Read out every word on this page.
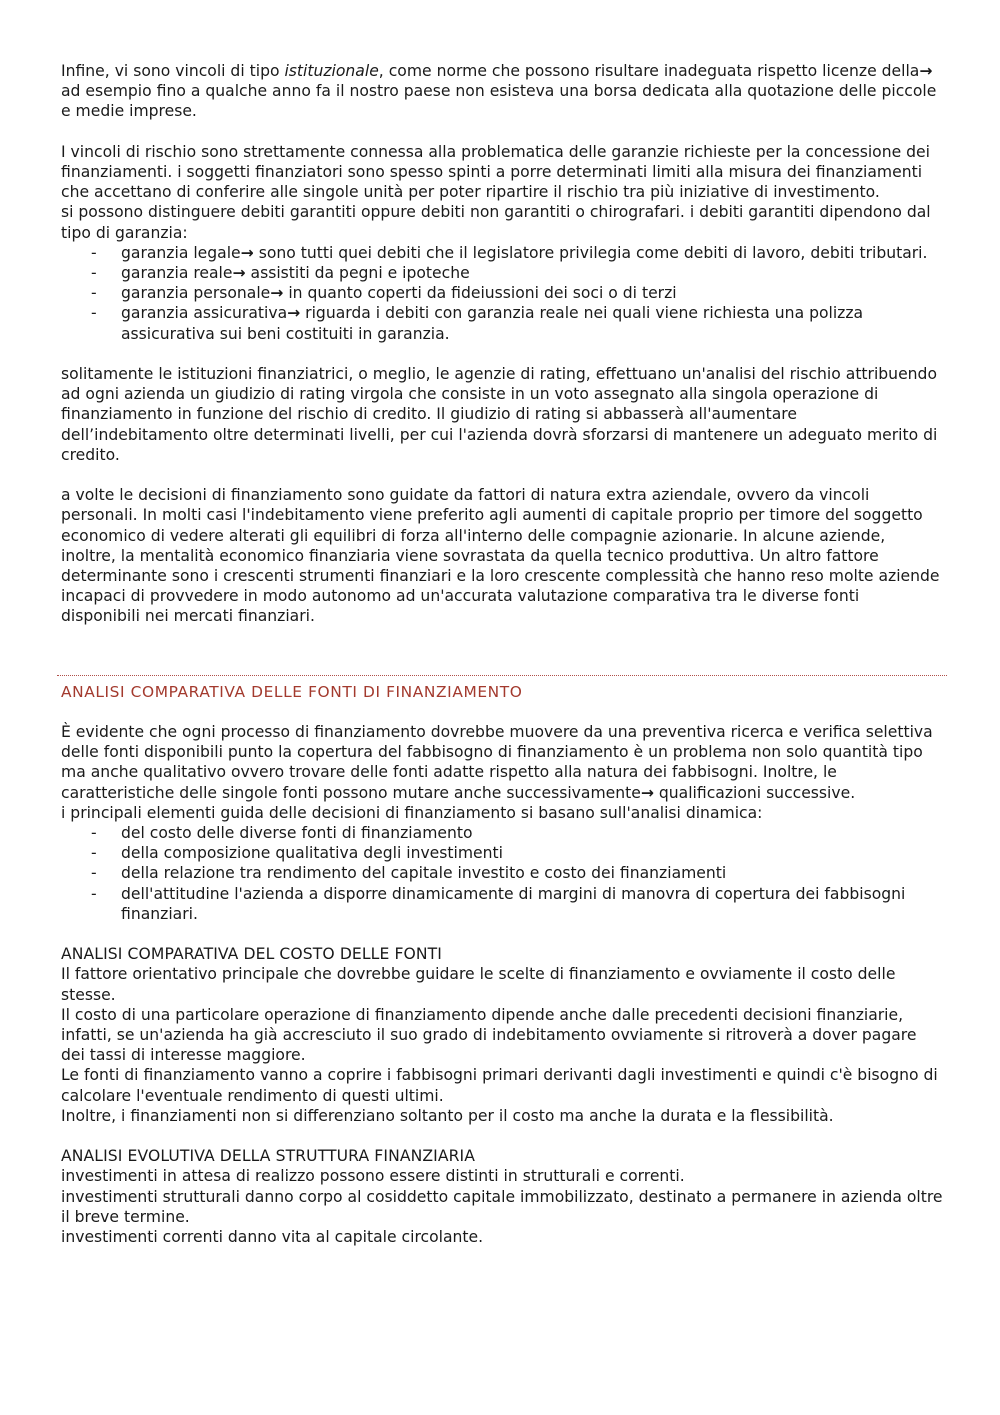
Infine, vi sono vincoli di tipo istituzionale, come norme che possono risultare inadeguata rispetto licenze della→ ad esempio fino a qualche anno fa il nostro paese non esisteva una borsa dedicata alla quotazione delle piccole e medie imprese.

I vincoli di rischio sono strettamente connessa alla problematica delle garanzie richieste per la concessione dei finanziamenti. i soggetti finanziatori sono spesso spinti a porre determinati limiti alla misura dei finanziamenti che accettano di conferire alle singole unità per poter ripartire il rischio tra più iniziative di investimento.

si possono distinguere debiti garantiti oppure debiti non garantiti o chirografari. i debiti garantiti dipendono dal tipo di garanzia:

- garanzia legale→ sono tutti quei debiti che il legislatore privilegia come debiti di lavoro, debiti tributari.
- garanzia reale→ assistiti da pegni e ipoteche
- garanzia personale→ in quanto coperti da fideiussioni dei soci o di terzi
- garanzia assicurativa→ riguarda i debiti con garanzia reale nei quali viene richiesta una polizza assicurativa sui beni costituiti in garanzia.

solitamente le istituzioni finanziatrici, o meglio, le agenzie di rating, effettuano un'analisi del rischio attribuendo ad ogni azienda un giudizio di rating virgola che consiste in un voto assegnato alla singola operazione di finanziamento in funzione del rischio di credito. Il giudizio di rating si abbasserà all'aumentare dell’indebitamento oltre determinati livelli, per cui l'azienda dovrà sforzarsi di mantenere un adeguato merito di credito.

a volte le decisioni di finanziamento sono guidate da fattori di natura extra aziendale, ovvero da vincoli personali. In molti casi l'indebitamento viene preferito agli aumenti di capitale proprio per timore del soggetto economico di vedere alterati gli equilibri di forza all'interno delle compagnie azionarie. In alcune aziende, inoltre, la mentalità economico finanziaria viene sovrastata da quella tecnico produttiva. Un altro fattore determinante sono i crescenti strumenti finanziari e la loro crescente complessità che hanno reso molte aziende incapaci di provvedere in modo autonomo ad un'accurata valutazione comparativa tra le diverse fonti disponibili nei mercati finanziari.

ANALISI COMPARATIVA DELLE FONTI DI FINANZIAMENTO

È evidente che ogni processo di finanziamento dovrebbe muovere da una preventiva ricerca e verifica selettiva delle fonti disponibili punto la copertura del fabbisogno di finanziamento è un problema non solo quantità tipo ma anche qualitativo ovvero trovare delle fonti adatte rispetto alla natura dei fabbisogni. Inoltre, le caratteristiche delle singole fonti possono mutare anche successivamente→ qualificazioni successive.

i principali elementi guida delle decisioni di finanziamento si basano sull'analisi dinamica:

- del costo delle diverse fonti di finanziamento
- della composizione qualitativa degli investimenti
- della relazione tra rendimento del capitale investito e costo dei finanziamenti
- dell'attitudine l'azienda a disporre dinamicamente di margini di manovra di copertura dei fabbisogni finanziari.

ANALISI COMPARATIVA DEL COSTO DELLE FONTI

Il fattore orientativo principale che dovrebbe guidare le scelte di finanziamento e ovviamente il costo delle stesse.

Il costo di una particolare operazione di finanziamento dipende anche dalle precedenti decisioni finanziarie, infatti, se un'azienda ha già accresciuto il suo grado di indebitamento ovviamente si ritroverà a dover pagare dei tassi di interesse maggiore.

Le fonti di finanziamento vanno a coprire i fabbisogni primari derivanti dagli investimenti e quindi c'è bisogno di calcolare l'eventuale rendimento di questi ultimi.

Inoltre, i finanziamenti non si differenziano soltanto per il costo ma anche la durata e la flessibilità.

ANALISI EVOLUTIVA DELLA STRUTTURA FINANZIARIA

investimenti in attesa di realizzo possono essere distinti in strutturali e correnti.

investimenti strutturali danno corpo al cosiddetto capitale immobilizzato, destinato a permanere in azienda oltre il breve termine.

investimenti correnti danno vita al capitale circolante.
